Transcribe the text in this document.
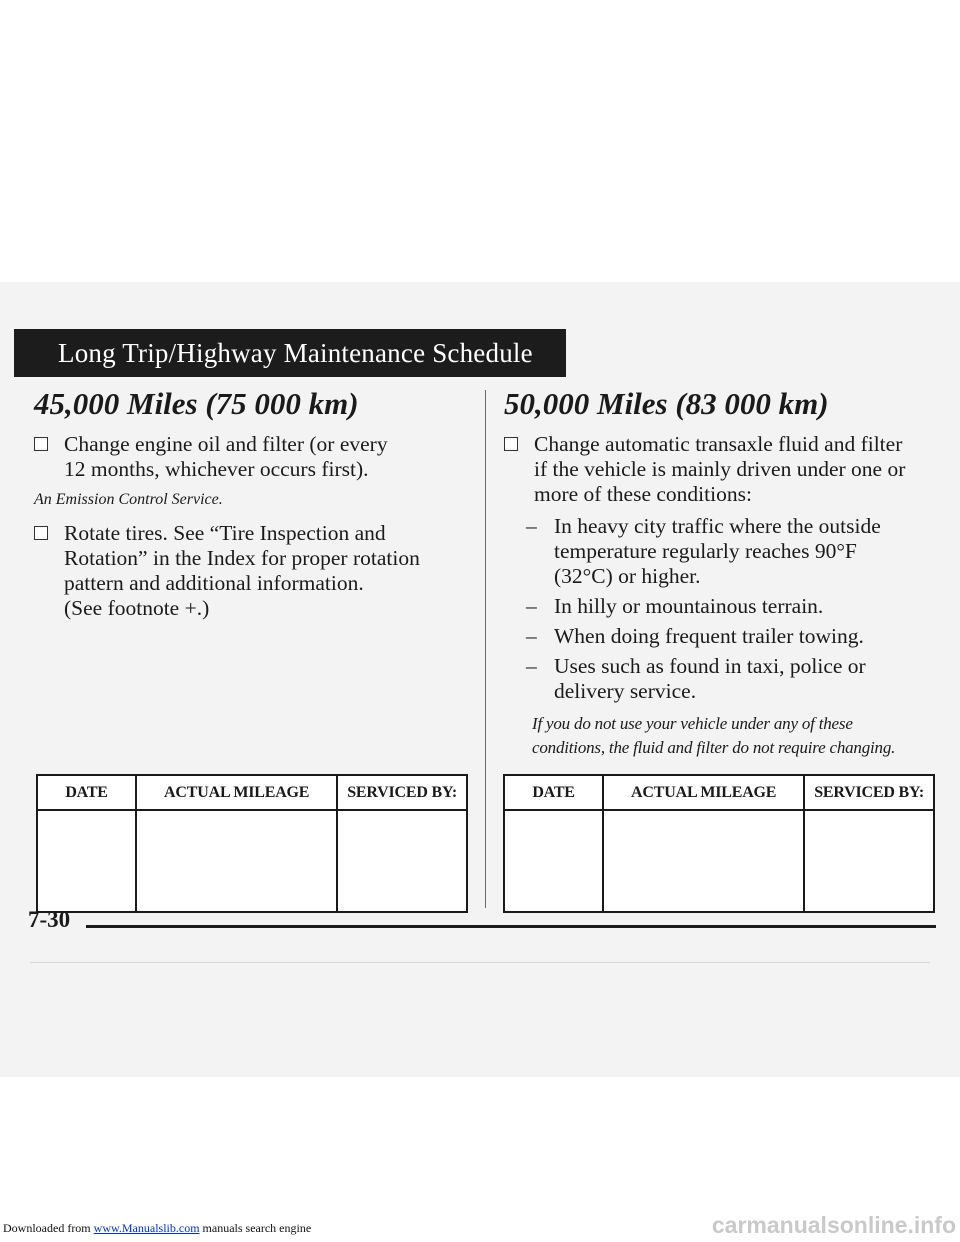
Long Trip/Highway Maintenance Schedule
45,000 Miles (75 000 km)
Change engine oil and filter (or every
12 months, whichever occurs first).
An Emission Control Service.
Rotate tires. See “Tire Inspection and
Rotation” in the Index for proper rotation
pattern and additional information.
(See footnote +.)
50,000 Miles (83 000 km)
Change automatic transaxle fluid and filter
if the vehicle is mainly driven under one or
more of these conditions:
– In heavy city traffic where the outside
temperature regularly reaches 90°F
(32°C) or higher.
– In hilly or mountainous terrain.
– When doing frequent trailer towing.
– Uses such as found in taxi, police or
delivery service.
If you do not use your vehicle under any of these
conditions, the fluid and filter do not require changing.
DATE	ACTUAL MILEAGE	SERVICED BY:
			DATE	ACTUAL MILEAGE	SERVICED BY:

7-30
Downloaded from www.Manualslib.com manuals search engine	carmanualsonline.info
